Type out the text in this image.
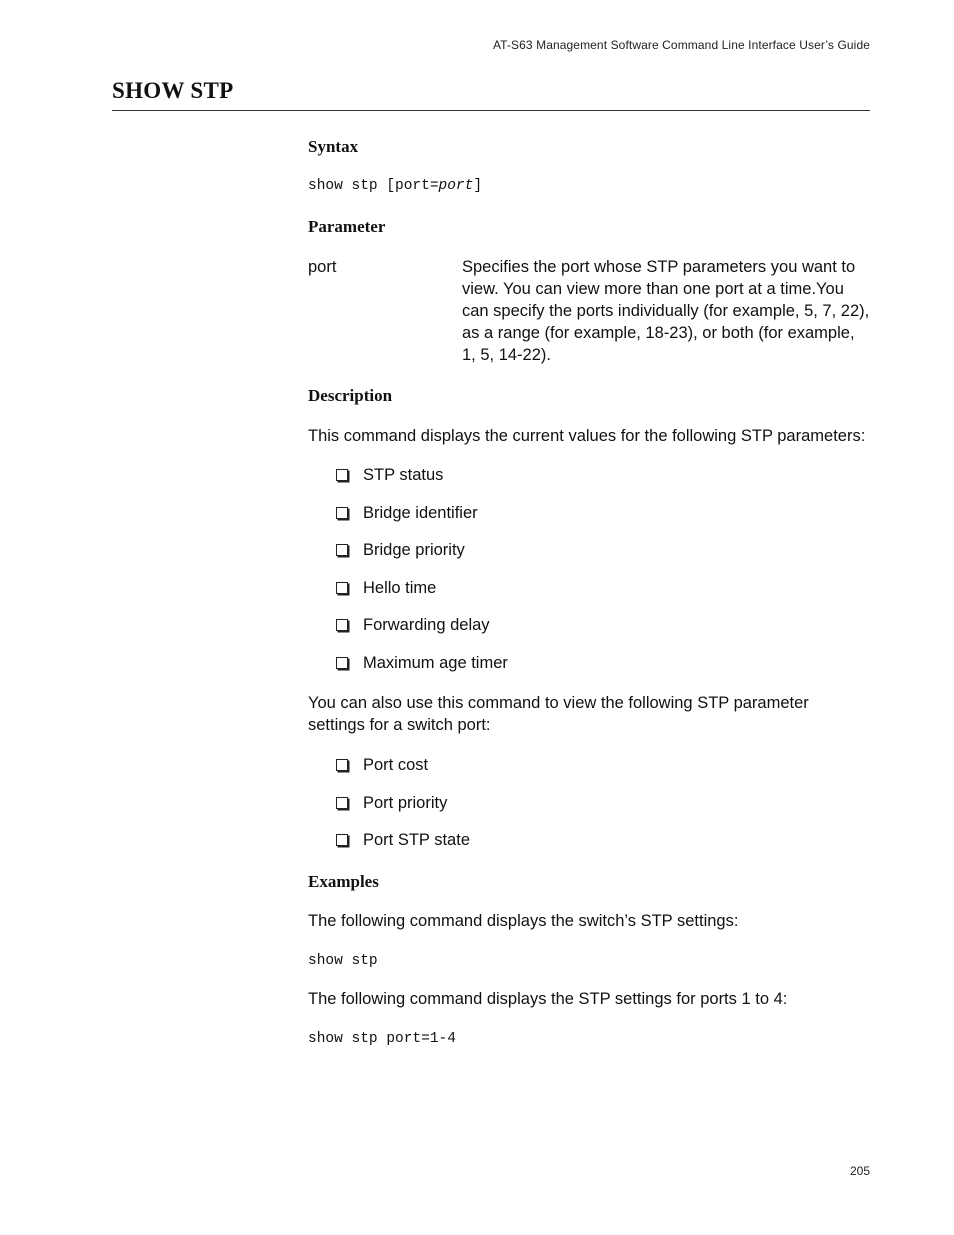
AT-S63 Management Software Command Line Interface User’s Guide
SHOW STP
Syntax

show stp [port=port]

Parameter
port	Specifies the port whose STP parameters you want to view. You can view more than one port at a time.You can specify the ports individually (for example, 5, 7, 22), as a range (for example, 18-23), or both (for example, 1, 5, 14-22).
Description

This command displays the current values for the following STP parameters:

STP status
Bridge identifier
Bridge priority
Hello time
Forwarding delay
Maximum age timer

You can also use this command to view the following STP parameter settings for a switch port:

Port cost
Port priority
Port STP state
Examples

The following command displays the switch’s STP settings:

show stp

The following command displays the STP settings for ports 1 to 4:

show stp port=1-4

205
